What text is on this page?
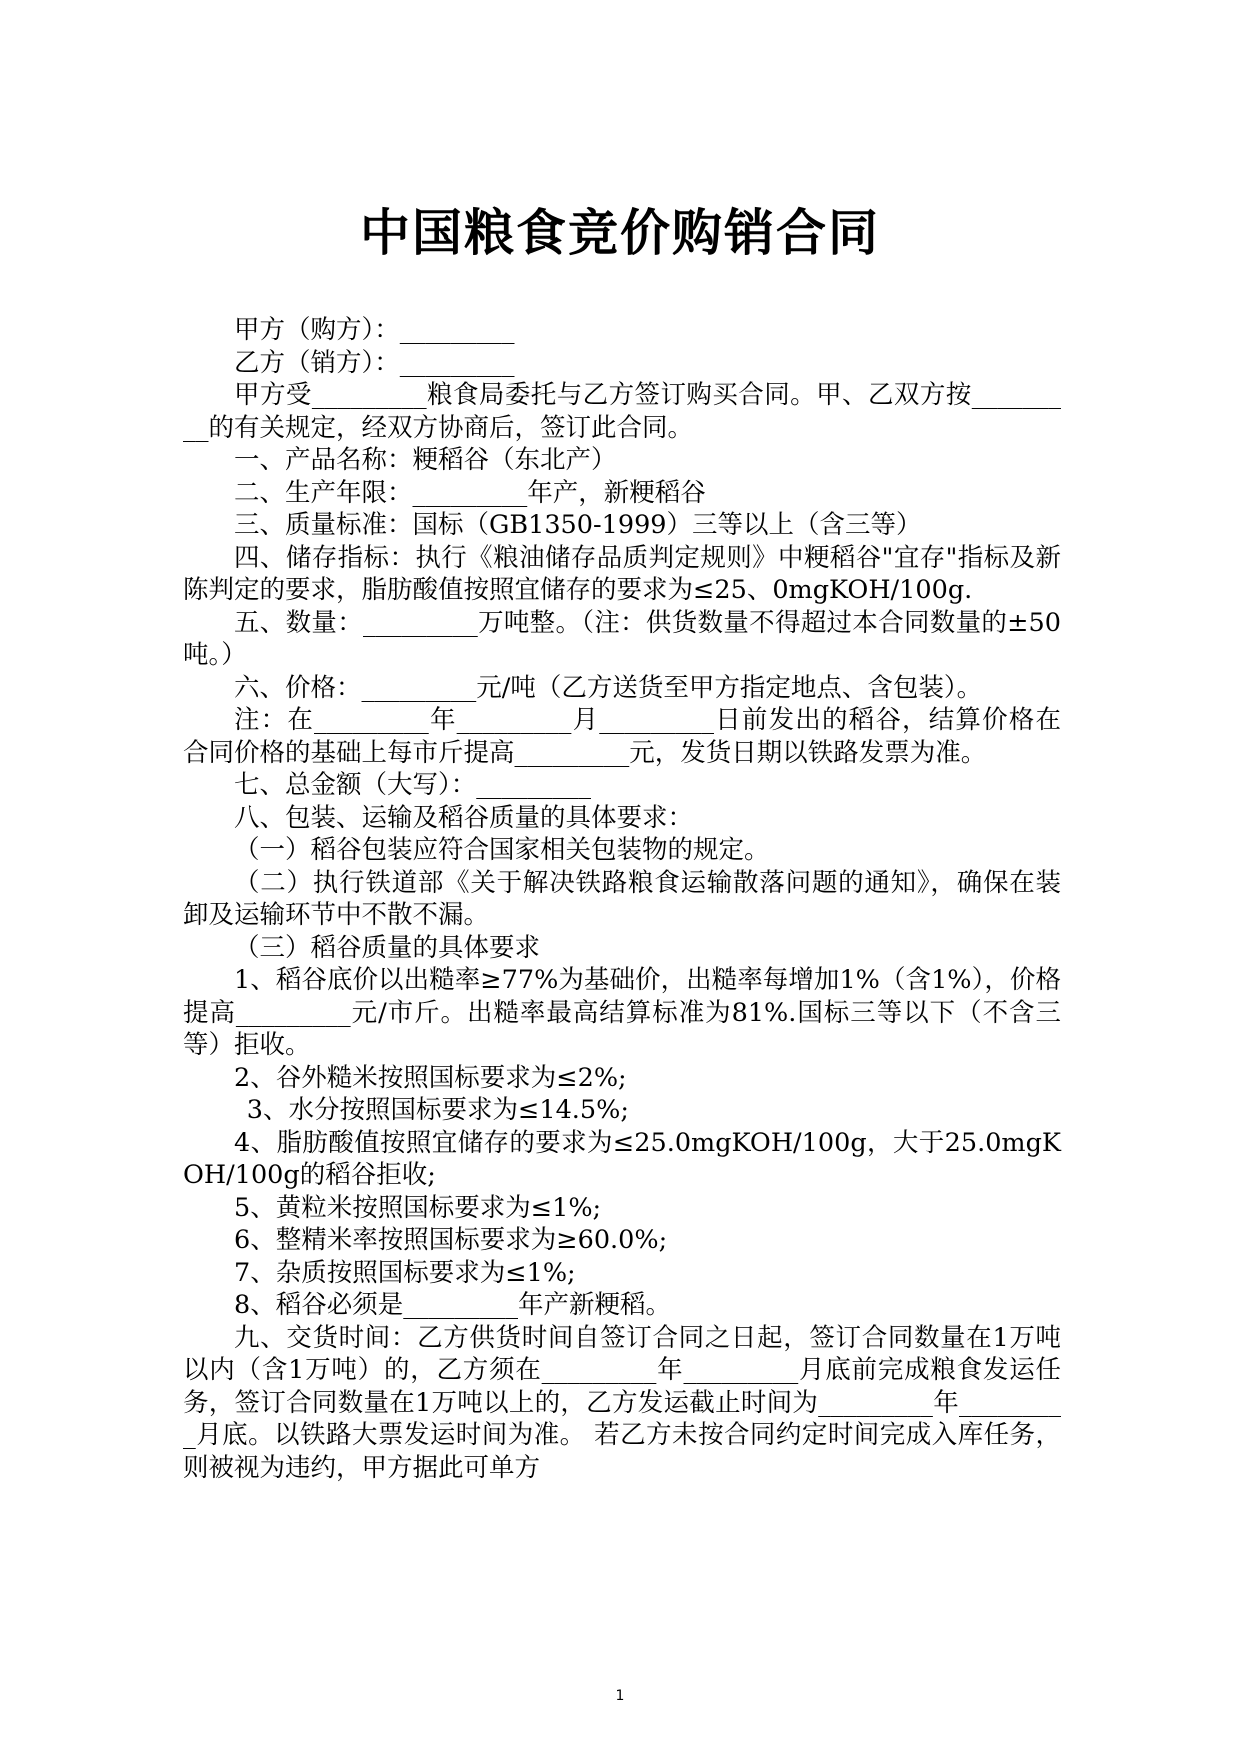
中国粮食竞价购销合同

甲方（购方）：_________

乙方（销方）：_________

甲方受_________粮食局委托与乙方签订购买合同。甲、乙双方按_________的有关规定，经双方协商后，签订此合同。

一、产品名称：粳稻谷（东北产）

二、生产年限：_________年产，新粳稻谷

三、质量标准：国标（GB1350-1999）三等以上（含三等）

四、储存指标：执行《粮油储存品质判定规则》中粳稻谷"宜存"指标及新陈判定的要求，脂肪酸值按照宜储存的要求为≤25、0mgKOH/100g.

五、数量：_________万吨整。（注：供货数量不得超过本合同数量的±50吨。）

六、价格：_________元/吨（乙方送货至甲方指定地点、含包装）。

注：在_________年_________月_________日前发出的稻谷，结算价格在合同价格的基础上每市斤提高_________元，发货日期以铁路发票为准。

七、总金额（大写）：_________

八、包装、运输及稻谷质量的具体要求：

（一）稻谷包装应符合国家相关包装物的规定。

（二）执行铁道部《关于解决铁路粮食运输散落问题的通知》，确保在装卸及运输环节中不散不漏。

（三）稻谷质量的具体要求

1、稻谷底价以出糙率≥77%为基础价，出糙率每增加1%（含1%），价格提高_________元/市斤。出糙率最高结算标准为81%.国标三等以下（不含三等）拒收。

2、谷外糙米按照国标要求为≤2%;

3、水分按照国标要求为≤14.5%;

4、脂肪酸值按照宜储存的要求为≤25.0mgKOH/100g，大于25.0mgKOH/100g的稻谷拒收;

5、黄粒米按照国标要求为≤1%;

6、整精米率按照国标要求为≥60.0%;

7、杂质按照国标要求为≤1%;

8、稻谷必须是_________年产新粳稻。

九、交货时间：乙方供货时间自签订合同之日起，签订合同数量在1万吨以内（含1万吨）的，乙方须在_________年_________月底前完成粮食发运任务，签订合同数量在1万吨以上的，乙方发运截止时间为_________年_________月底。以铁路大票发运时间为准。 若乙方未按合同约定时间完成入库任务，则被视为违约，甲方据此可单方

1
